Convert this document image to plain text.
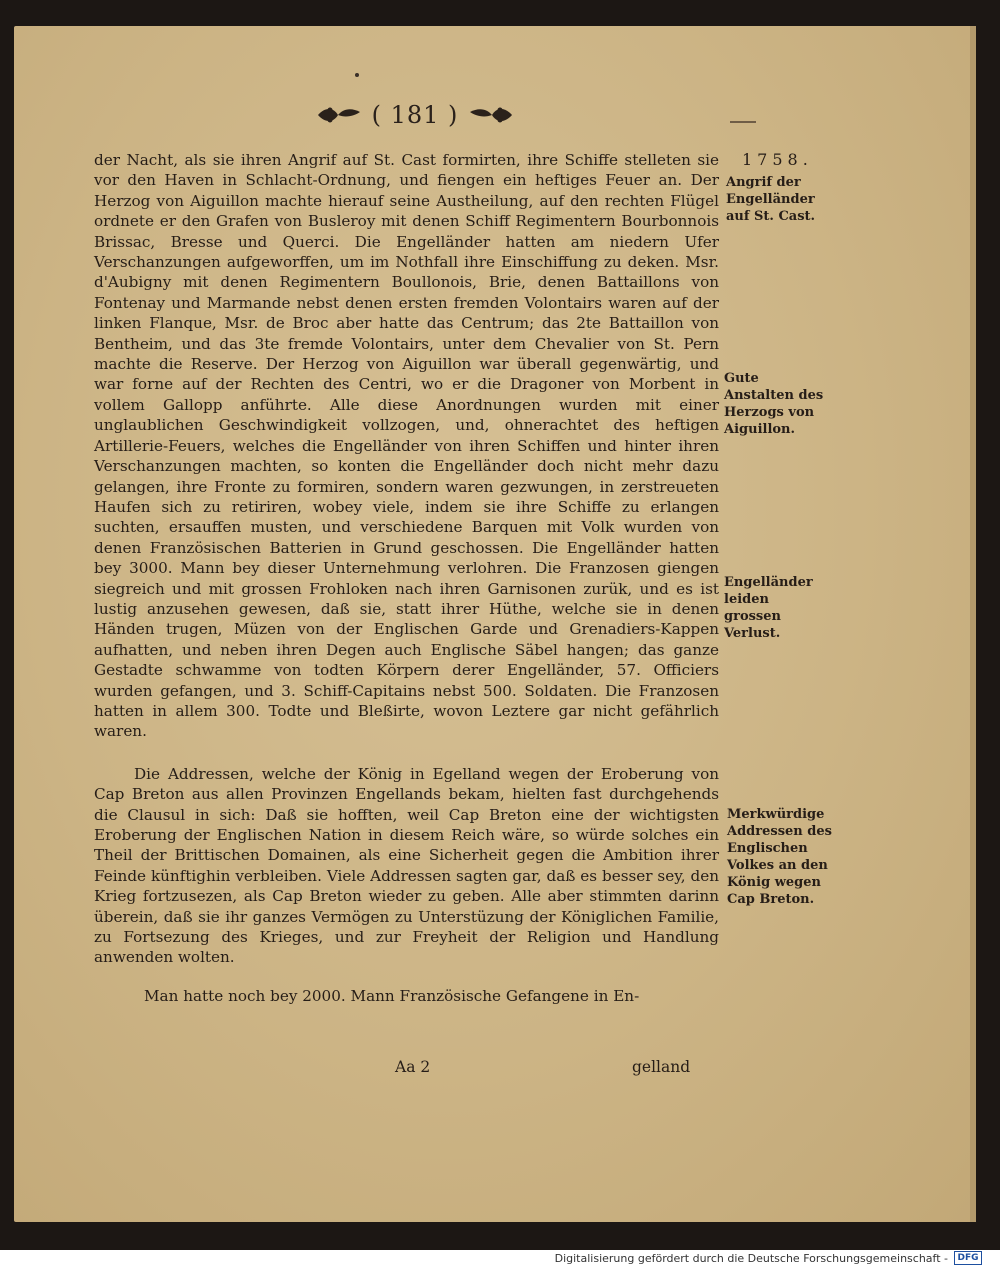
( 181 )
1758.

der Nacht, als sie ihren Angrif auf St. Cast formirten, ihre Schiffe stelleten sie vor den Haven in Schlacht-Ordnung, und fiengen ein heftiges Feuer an. Der Herzog von Aiguillon machte hierauf seine Austheilung, auf den rechten Flügel ordnete er den Grafen von Busleroy mit denen Schiff Regimentern Bourbonnois Brissac, Bresse und Querci. Die Engelländer hatten am niedern Ufer Verschanzungen aufgeworffen, um im Nothfall ihre Einschiffung zu deken. Msr. d'Aubigny mit denen Regimentern Boullonois, Brie, denen Battaillons von Fontenay und Marmande nebst denen ersten fremden Volontairs waren auf der linken Flanque, Msr. de Broc aber hatte das Centrum; das 2te Battaillon von Bentheim, und das 3te fremde Volontairs, unter dem Chevalier von St. Pern machte die Reserve. Der Herzog von Aiguillon war überall gegenwärtig, und war forne auf der Rechten des Centri, wo er die Dragoner von Morbent in vollem Gallopp anführte. Alle diese Anordnungen wurden mit einer unglaublichen Geschwindigkeit vollzogen, und, ohnerachtet des heftigen Artillerie-Feuers, welches die Engelländer von ihren Schiffen und hinter ihren Verschanzungen machten, so konten die Engelländer doch nicht mehr dazu gelangen, ihre Fronte zu formiren, sondern waren gezwungen, in zerstreueten Haufen sich zu retiriren, wobey viele, indem sie ihre Schiffe zu erlangen suchten, ersauffen musten, und verschiedene Barquen mit Volk wurden von denen Französischen Batterien in Grund geschossen. Die Engelländer hatten bey 3000. Mann bey dieser Unternehmung verlohren. Die Franzosen giengen siegreich und mit grossen Frohloken nach ihren Garnisonen zurük, und es ist lustig anzusehen gewesen, daß sie, statt ihrer Hüthe, welche sie in denen Händen trugen, Müzen von der Englischen Garde und Grenadiers-Kappen aufhatten, und neben ihren Degen auch Englische Säbel hangen; das ganze Gestadte schwamme von todten Körpern derer Engelländer, 57. Officiers wurden gefangen, und 3. Schiff-Capitains nebst 500. Soldaten. Die Franzosen hatten in allem 300. Todte und Bleßirte, wovon Leztere gar nicht gefährlich waren.

Die Addressen, welche der König in Egelland wegen der Eroberung von Cap Breton aus allen Provinzen Engellands bekam, hielten fast durchgehends die Clausul in sich: Daß sie hofften, weil Cap Breton eine der wichtigsten Eroberung der Englischen Nation in diesem Reich wäre, so würde solches ein Theil der Brittischen Domainen, als eine Sicherheit gegen die Ambition ihrer Feinde künftighin verbleiben. Viele Addressen sagten gar, daß es besser sey, den Krieg fortzusezen, als Cap Breton wieder zu geben. Alle aber stimmten darinn überein, daß sie ihr ganzes Vermögen zu Unterstüzung der Königlichen Familie, zu Fortsezung des Krieges, und zur Freyheit der Religion und Handlung anwenden wolten.

Man hatte noch bey 2000. Mann Französische Gefangene in En-

Aa 2	gelland
Angrif der Engelländer auf St. Cast.
Gute Anstalten des Herzogs von Aiguillon.
Engelländer leiden grossen Verlust.
Merkwürdige Addressen des Englischen Volkes an den König wegen Cap Breton.
Digitalisierung gefördert durch die Deutsche Forschungsgemeinschaft -	DFG
